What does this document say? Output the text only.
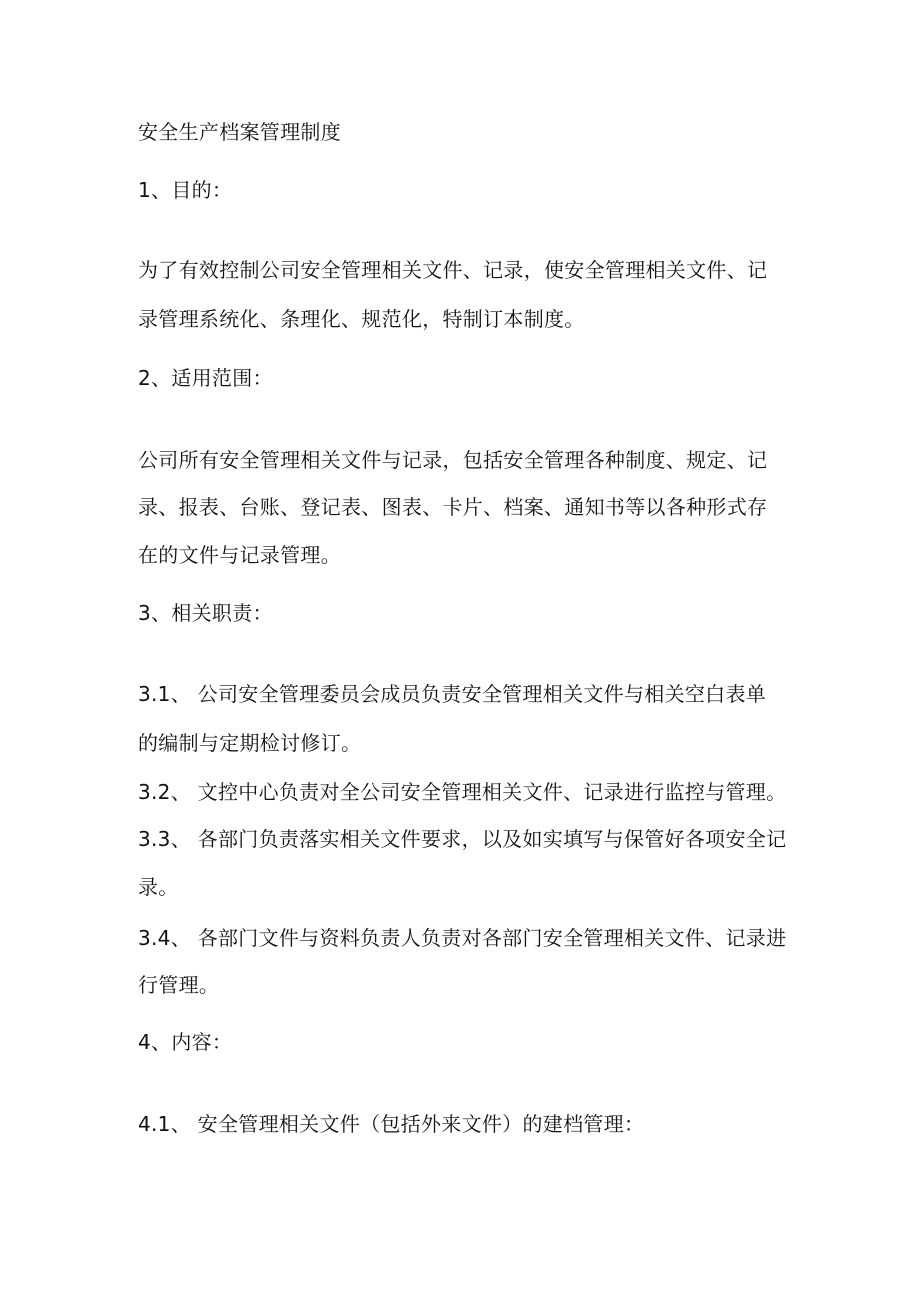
安全生产档案管理制度
1、目的：
为了有效控制公司安全管理相关文件、记录，使安全管理相关文件、记
录管理系统化、条理化、规范化，特制订本制度。
2、适用范围：
公司所有安全管理相关文件与记录，包括安全管理各种制度、规定、记
录、报表、台账、登记表、图表、卡片、档案、通知书等以各种形式存
在的文件与记录管理。
3、相关职责：
3.1、 公司安全管理委员会成员负责安全管理相关文件与相关空白表单
的编制与定期检讨修订。
3.2、 文控中心负责对全公司安全管理相关文件、记录进行监控与管理。
3.3、 各部门负责落实相关文件要求，以及如实填写与保管好各项安全记
录。
3.4、 各部门文件与资料负责人负责对各部门安全管理相关文件、记录进
行管理。
4、内容：
4.1、 安全管理相关文件（包括外来文件）的建档管理：
